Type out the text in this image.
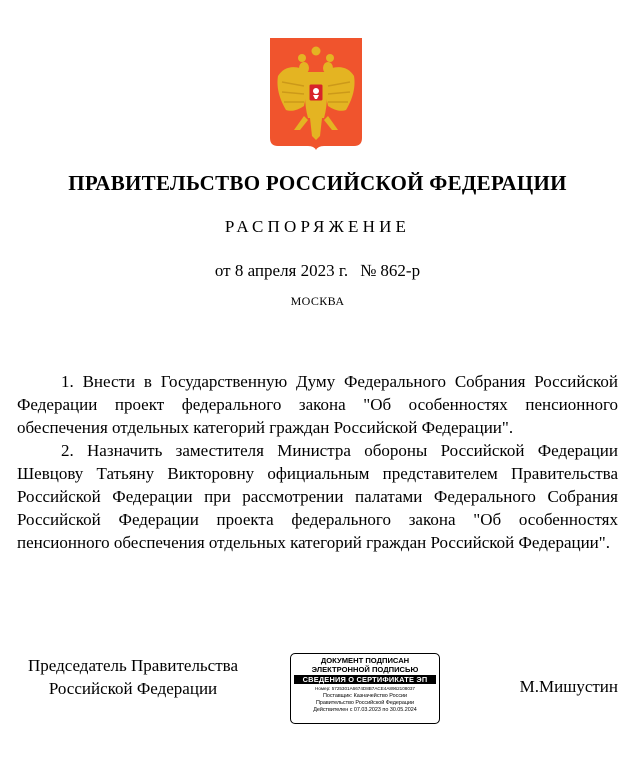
ПРАВИТЕЛЬСТВО РОССИЙСКОЙ ФЕДЕРАЦИИ
РАСПОРЯЖЕНИЕ
от 8 апреля 2023 г. № 862-р
МОСКВА

1. Внести в Государственную Думу Федерального Собрания Российской Федерации проект федерального закона "Об особенностях пенсионного обеспечения отдельных категорий граждан Российской Федерации".

2. Назначить заместителя Министра обороны Российской Федерации Шевцову Татьяну Викторовну официальным представителем Правительства Российской Федерации при рассмотрении палатами Федерального Собрания Российской Федерации проекта федерального закона "Об особенностях пенсионного обеспечения отдельных категорий граждан Российской Федерации".

Председатель Правительства
Российской Федерации
ДОКУМЕНТ ПОДПИСАН
ЭЛЕКТРОННОЙ ПОДПИСЬЮ
СВЕДЕНИЯ О СЕРТИФИКАТЕ ЭП
Номер: 5725301A6674D8B7ACE4A8962108037
Поставщик: Казначейство России
Правительство Российской Федерации
Действителен с 07.03.2023 по 30.05.2024
М.Мишустин
